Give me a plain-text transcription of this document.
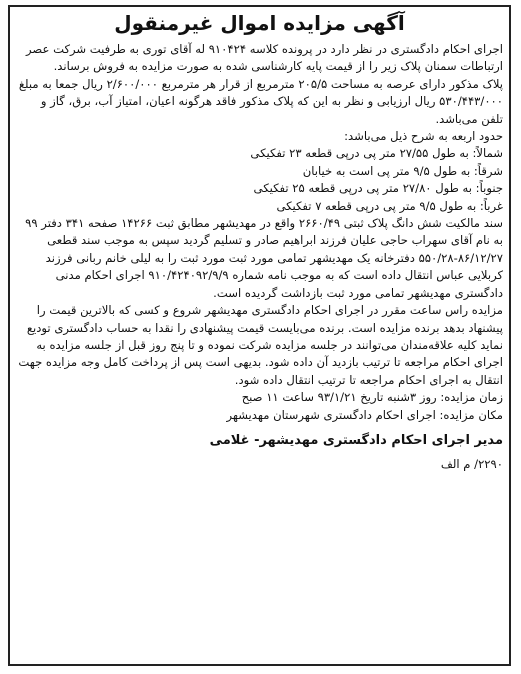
آگهی مزایده اموال غیرمنقول

اجرای احکام دادگستری در نظر دارد در پرونده کلاسه ۹۱۰۴۲۴ له آقای توری به طرفیت شرکت عصر ارتباطات سمنان پلاک زیر را از قیمت پایه کارشناسی شده به صورت مزایده به فروش برساند.

پلاک مذکور دارای عرصه به مساحت ۲۰۵/۵ مترمربع از قرار هر مترمربع ۲/۶۰۰/۰۰۰ ریال جمعا به مبلغ ۵۳۰/۴۴۳/۰۰۰ ریال ارزیابی و نظر به این که پلاک مذکور فاقد هرگونه اعیان، امتیاز آب، برق، گاز و تلفن می‌باشد.

حدود اربعه به شرح ذیل می‌باشد:

شمالاً: به طول ۲۷/۵۵ متر پی درپی قطعه ۲۳ تفکیکی

شرقاً: به طول ۹/۵ متر پی است به خیابان

جنوباً: به طول ۲۷/۸۰ متر پی درپی قطعه ۲۵ تفکیکی

غرباً: به طول ۹/۵ متر پی درپی قطعه ۷ تفکیکی

سند مالکیت شش دانگ پلاک ثبتی ۲۶۶۰/۴۹ واقع در مهدیشهر مطابق ثبت ۱۴۲۶۶ صفحه ۳۴۱ دفتر ۹۹ به نام آقای سهراب حاجی علیان فرزند ابراهیم صادر و تسلیم گردید سپس به موجب سند قطعی ۸۶/۱۲/۲۷-۵۵۰/۲۸ دفترخانه یک مهدیشهر تمامی مورد ثبت مورد ثبت را به لیلی خانم ربانی فرزند کربلایی عباس انتقال داده است که به موجب نامه شماره ۹۱۰/۴۲۴۰۹۲/۹/۹ اجرای احکام مدنی دادگستری مهدیشهر تمامی مورد ثبت بازداشت گردیده است.

مزایده راس ساعت مقرر در اجرای احکام دادگستری مهدیشهر شروع و کسی که بالاترین قیمت را پیشنهاد بدهد برنده مزایده است. برنده می‌بایست قیمت پیشنهادی را نقدا به حساب دادگستری تودیع نماید کلیه علاقه‌مندان می‌توانند در جلسه مزایده شرکت نموده و تا پنج روز قبل از جلسه مزایده به اجرای احکام مراجعه تا ترتیب بازدید آن داده شود. بدیهی است پس از پرداخت کامل وجه مزایده جهت انتقال به اجرای احکام مراجعه تا ترتیب انتقال داده شود.

زمان مزایده: روز ۳شنبه تاریخ ۹۳/۱/۲۱ ساعت ۱۱ صبح

مکان مزایده: اجرای احکام دادگستری شهرستان مهدیشهر

مدیر اجرای احکام دادگستری مهدیشهر- غلامی
۲۲۹۰/ م الف
